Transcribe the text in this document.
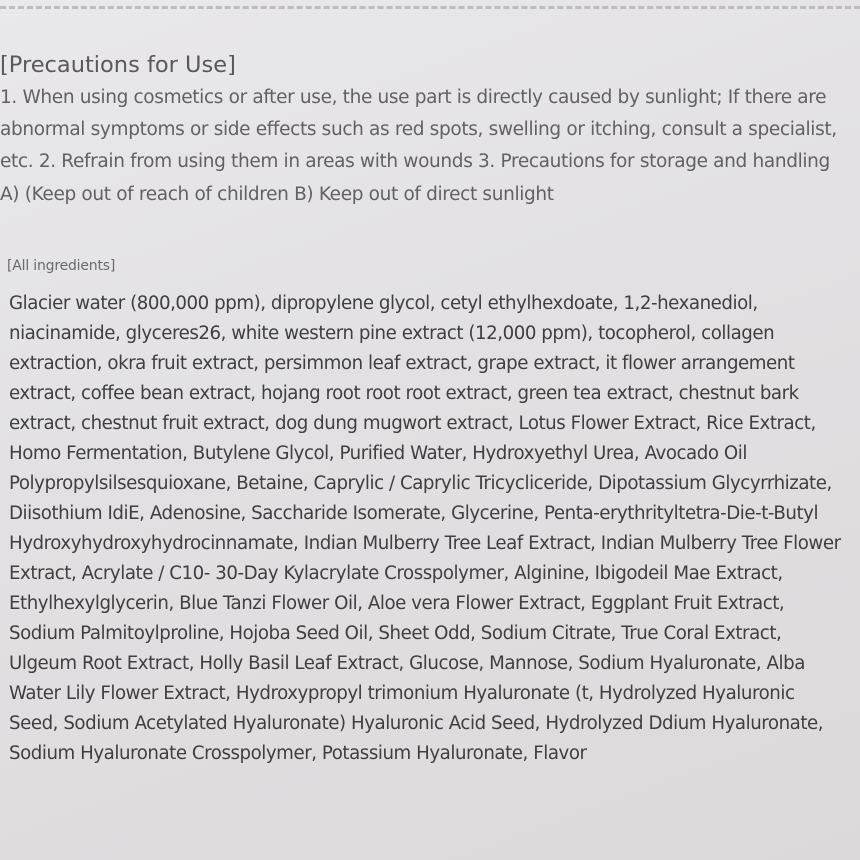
[Precautions for Use]

1. When using cosmetics or after use, the use part is directly caused by sunlight; If there are abnormal symptoms or side effects such as red spots, swelling or itching, consult a specialist, etc. 2. Refrain from using them in areas with wounds 3. Precautions for storage and handling A) (Keep out of reach of children B) Keep out of direct sunlight

[All ingredients]

Glacier water (800,000 ppm), dipropylene glycol, cetyl ethylhexdoate, 1,2-hexanediol, niacinamide, glyceres26, white western pine extract (12,000 ppm), tocopherol, collagen extraction, okra fruit extract, persimmon leaf extract, grape extract, it flower arrangement extract, coffee bean extract, hojang root root root extract, green tea extract, chestnut bark extract, chestnut fruit extract, dog dung mugwort extract, Lotus Flower Extract, Rice Extract, Homo Fermentation, Butylene Glycol, Purified Water, Hydroxyethyl Urea, Avocado Oil Polypropylsilsesquioxane, Betaine, Caprylic / Caprylic Tricycliceride, Dipotassium Glycyrrhizate, Diisothium IdiE, Adenosine, Saccharide Isomerate, Glycerine, Penta-erythrityltetra-Die-t-Butyl Hydroxyhydroxyhydrocinnamate, Indian Mulberry Tree Leaf Extract, Indian Mulberry Tree Flower Extract, Acrylate / C10- 30-Day Kylacrylate Crosspolymer, Alginine, Ibigodeil Mae Extract, Ethylhexylglycerin, Blue Tanzi Flower Oil, Aloe vera Flower Extract, Eggplant Fruit Extract, Sodium Palmitoylproline, Hojoba Seed Oil, Sheet Odd, Sodium Citrate, True Coral Extract, Ulgeum Root Extract, Holly Basil Leaf Extract, Glucose, Mannose, Sodium Hyaluronate, Alba Water Lily Flower Extract, Hydroxypropyl trimonium Hyaluronate (t, Hydrolyzed Hyaluronic Seed, Sodium Acetylated Hyaluronate) Hyaluronic Acid Seed, Hydrolyzed Ddium Hyaluronate, Sodium Hyaluronate Crosspolymer, Potassium Hyaluronate, Flavor
